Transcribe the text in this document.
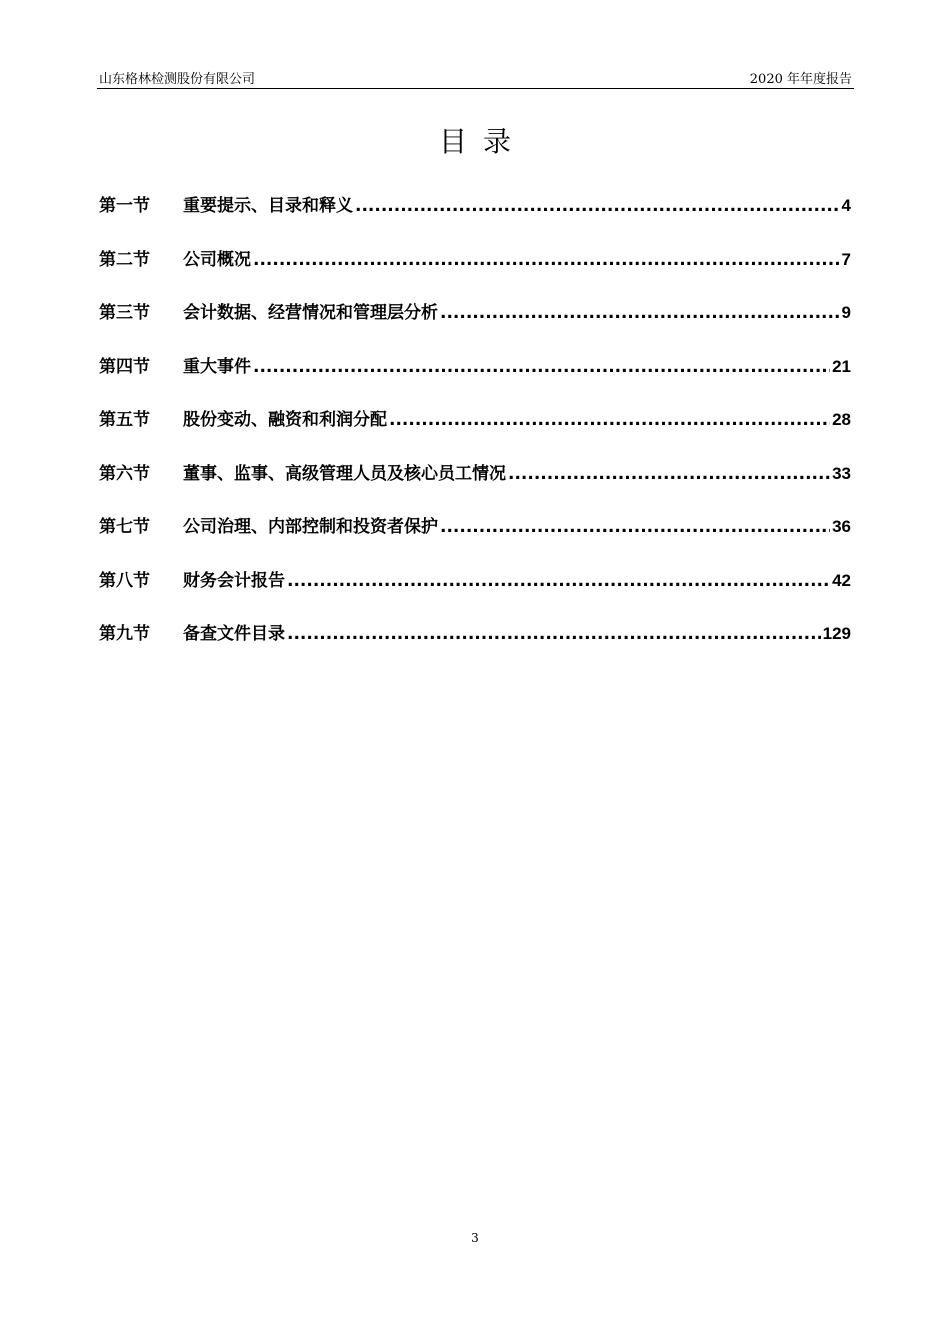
山东格林检测股份有限公司	2020 年年度报告
目录
第一节	重要提示、目录和释义 .....	4
第二节	公司概况 .....	7
第三节	会计数据、经营情况和管理层分析 .....	9
第四节	重大事件 .....	21
第五节	股份变动、融资和利润分配 .....	28
第六节	董事、监事、高级管理人员及核心员工情况 .....	33
第七节	公司治理、内部控制和投资者保护 .....	36
第八节	财务会计报告 .....	42
第九节	备查文件目录 .....	129
3
